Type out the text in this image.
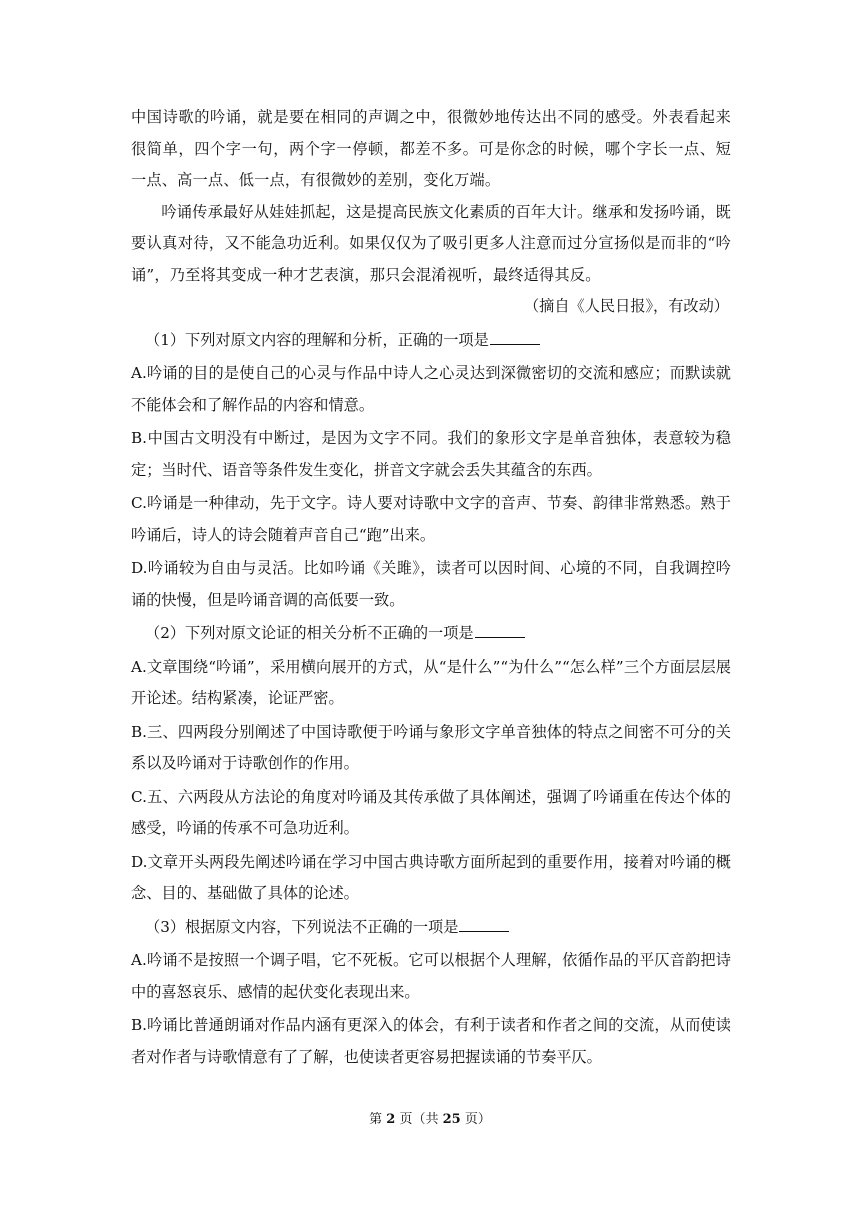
中国诗歌的吟诵，就是要在相同的声调之中，很微妙地传达出不同的感受。外表看起来很简单，四个字一句，两个字一停顿，都差不多。可是你念的时候，哪个字长一点、短一点、高一点、低一点，有很微妙的差别，变化万端。

吟诵传承最好从娃娃抓起，这是提高民族文化素质的百年大计。继承和发扬吟诵，既要认真对待，又不能急功近利。如果仅仅为了吸引更多人注意而过分宣扬似是而非的“吟诵”，乃至将其变成一种才艺表演，那只会混淆视听，最终适得其反。

（摘自《人民日报》，有改动）

（1）下列对原文内容的理解和分析，正确的一项是

A.吟诵的目的是使自己的心灵与作品中诗人之心灵达到深微密切的交流和感应；而默读就不能体会和了解作品的内容和情意。

B.中国古文明没有中断过，是因为文字不同。我们的象形文字是单音独体，表意较为稳定；当时代、语音等条件发生变化，拼音文字就会丢失其蕴含的东西。

C.吟诵是一种律动，先于文字。诗人要对诗歌中文字的音声、节奏、韵律非常熟悉。熟于吟诵后，诗人的诗会随着声音自己“跑”出来。

D.吟诵较为自由与灵活。比如吟诵《关雎》，读者可以因时间、心境的不同，自我调控吟诵的快慢，但是吟诵音调的高低要一致。

（2）下列对原文论证的相关分析不正确的一项是

A.文章围绕“吟诵”，采用横向展开的方式，从“是什么”“为什么”“怎么样”三个方面层层展开论述。结构紧凑，论证严密。

B.三、四两段分别阐述了中国诗歌便于吟诵与象形文字单音独体的特点之间密不可分的关系以及吟诵对于诗歌创作的作用。

C.五、六两段从方法论的角度对吟诵及其传承做了具体阐述，强调了吟诵重在传达个体的感受，吟诵的传承不可急功近利。

D.文章开头两段先阐述吟诵在学习中国古典诗歌方面所起到的重要作用，接着对吟诵的概念、目的、基础做了具体的论述。

（3）根据原文内容，下列说法不正确的一项是

A.吟诵不是按照一个调子唱，它不死板。它可以根据个人理解，依循作品的平仄音韵把诗中的喜怒哀乐、感情的起伏变化表现出来。

B.吟诵比普通朗诵对作品内涵有更深入的体会，有利于读者和作者之间的交流，从而使读者对作者与诗歌情意有了了解，也使读者更容易把握读诵的节奏平仄。

第 2 页（共 25 页）
